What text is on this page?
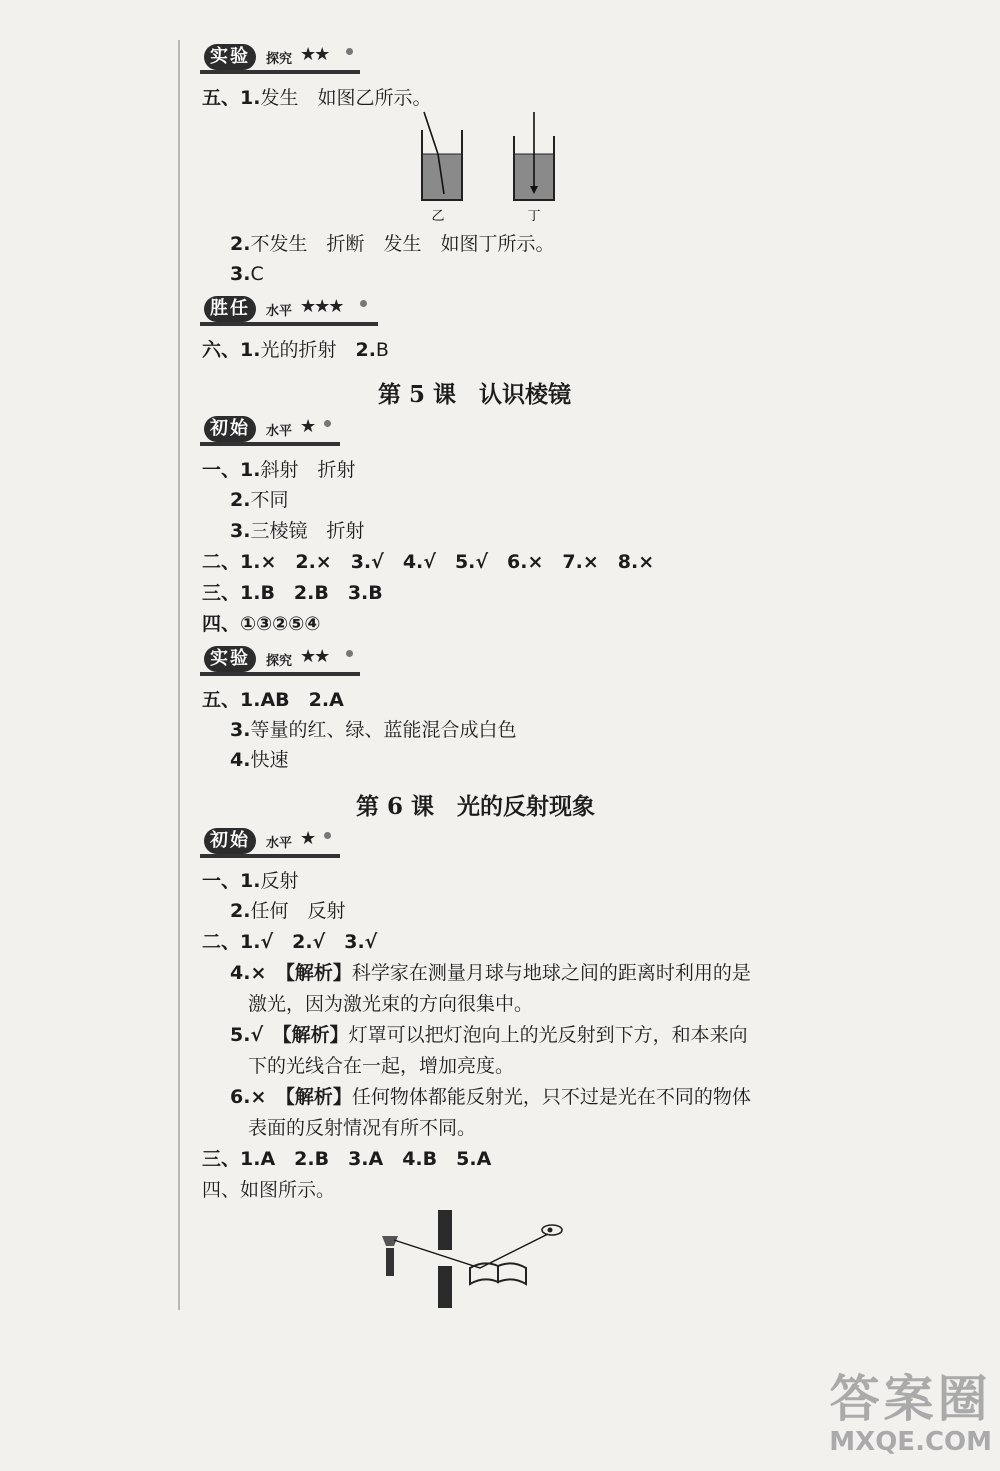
实验	探究 ★★
五、1.发生　如图乙所示。
乙	丁
2.不发生　折断　发生　如图丁所示。
3.C
胜任	水平 ★★★
六、1.光的折射　2.B
第 5 课　认识棱镜
初始	水平 ★
一、1.斜射　折射
2.不同
3.三棱镜　折射
二、1.×　2.×　3.√　4.√　5.√　6.×　7.×　8.×
三、1.B　2.B　3.B
四、①③②⑤④
实验	探究 ★★
五、1.AB　2.A
3.等量的红、绿、蓝能混合成白色
4.快速
第 6 课　光的反射现象
初始	水平 ★
一、1.反射
2.任何　反射
二、1.√　2.√　3.√
4.×　【解析】科学家在测量月球与地球之间的距离时利用的是
激光，因为激光束的方向很集中。
5.√　【解析】灯罩可以把灯泡向上的光反射到下方，和本来向
下的光线合在一起，增加亮度。
6.×　【解析】任何物体都能反射光，只不过是光在不同的物体
表面的反射情况有所不同。
三、1.A　2.B　3.A　4.B　5.A
四、如图所示。
答案圈
MXQE.COM
